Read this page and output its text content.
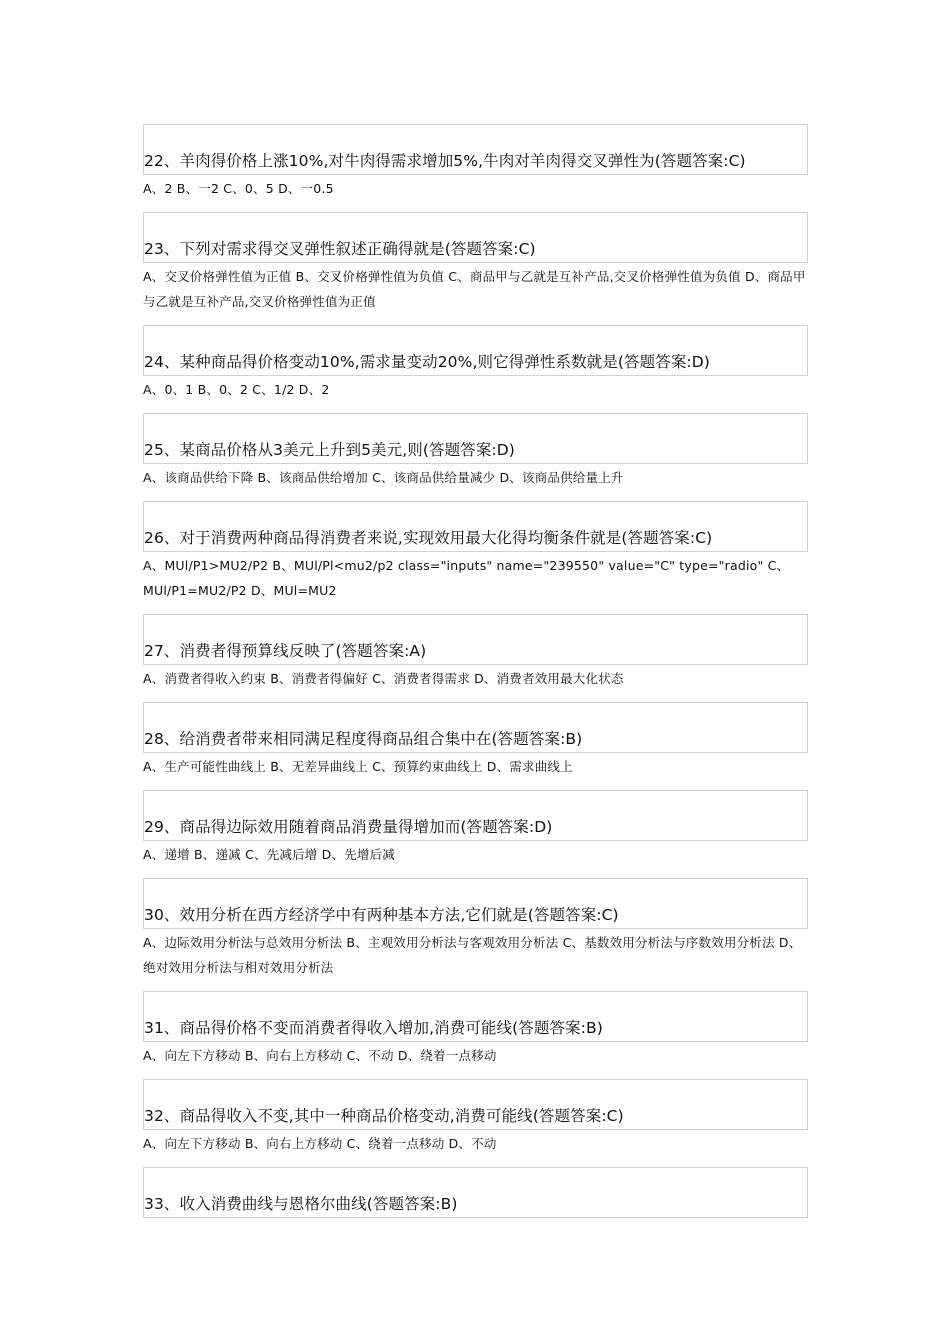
22、羊肉得价格上涨10%,对牛肉得需求增加5%,牛肉对羊肉得交叉弹性为(答题答案:C)
A、2 B、一2 C、0、5 D、一0.5
23、下列对需求得交叉弹性叙述正确得就是(答题答案:C)
A、交叉价格弹性值为正值 B、交叉价格弹性值为负值 C、商品甲与乙就是互补产品,交叉价格弹性值为负值 D、商品甲与乙就是互补产品,交叉价格弹性值为正值
24、某种商品得价格变动10%,需求量变动20%,则它得弹性系数就是(答题答案:D)
A、0、1 B、0、2 C、1/2 D、2
25、某商品价格从3美元上升到5美元,则(答题答案:D)
A、该商品供给下降 B、该商品供给增加 C、该商品供给量减少 D、该商品供给量上升
26、对于消费两种商品得消费者来说,实现效用最大化得均衡条件就是(答题答案:C)
A、MUl/P1>MU2/P2 B、MUl/Pl<mu2/p2 class="inputs" name="239550" value="C" type="radio" C、MUl/P1=MU2/P2 D、MUl=MU2
27、消费者得预算线反映了(答题答案:A)
A、消费者得收入约束 B、消费者得偏好 C、消费者得需求 D、消费者效用最大化状态
28、给消费者带来相同满足程度得商品组合集中在(答题答案:B)
A、生产可能性曲线上 B、无差异曲线上 C、预算约束曲线上 D、需求曲线上
29、商品得边际效用随着商品消费量得增加而(答题答案:D)
A、递增 B、递减 C、先减后增 D、先增后减
30、效用分析在西方经济学中有两种基本方法,它们就是(答题答案:C)
A、边际效用分析法与总效用分析法 B、主观效用分析法与客观效用分析法 C、基数效用分析法与序数效用分析法 D、绝对效用分析法与相对效用分析法
31、商品得价格不变而消费者得收入增加,消费可能线(答题答案:B)
A、向左下方移动 B、向右上方移动 C、不动 D、绕着一点移动
32、商品得收入不变,其中一种商品价格变动,消费可能线(答题答案:C)
A、向左下方移动 B、向右上方移动 C、绕着一点移动 D、不动
33、收入消费曲线与恩格尔曲线(答题答案:B)
